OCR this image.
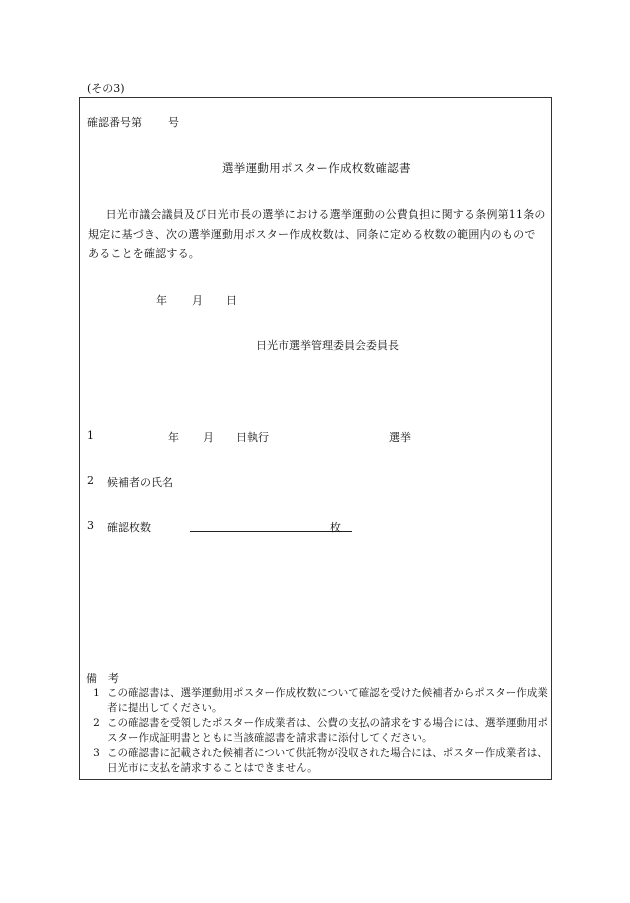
(その3)
確認番号第 号
選挙運動用ポスター作成枚数確認書
日光市議会議員及び日光市長の選挙における選挙運動の公費負担に関する条例第11条の規定に基づき、次の選挙運動用ポスター作成枚数は、同条に定める枚数の範囲内のものであることを確認する。
年 月 日
日光市選挙管理委員会委員長
1	年 月 日執行	選挙
2 候補者の氏名
3 確認枚数	枚
備　考
1 この確認書は、選挙運動用ポスター作成枚数について確認を受けた候補者からポスター作成業者に提出してください。
2 この確認書を受領したポスター作成業者は、公費の支払の請求をする場合には、選挙運動用ポスター作成証明書とともに当該確認書を請求書に添付してください。
3 この確認書に記載された候補者について供託物が没収された場合には、ポスター作成業者は、日光市に支払を請求することはできません。
